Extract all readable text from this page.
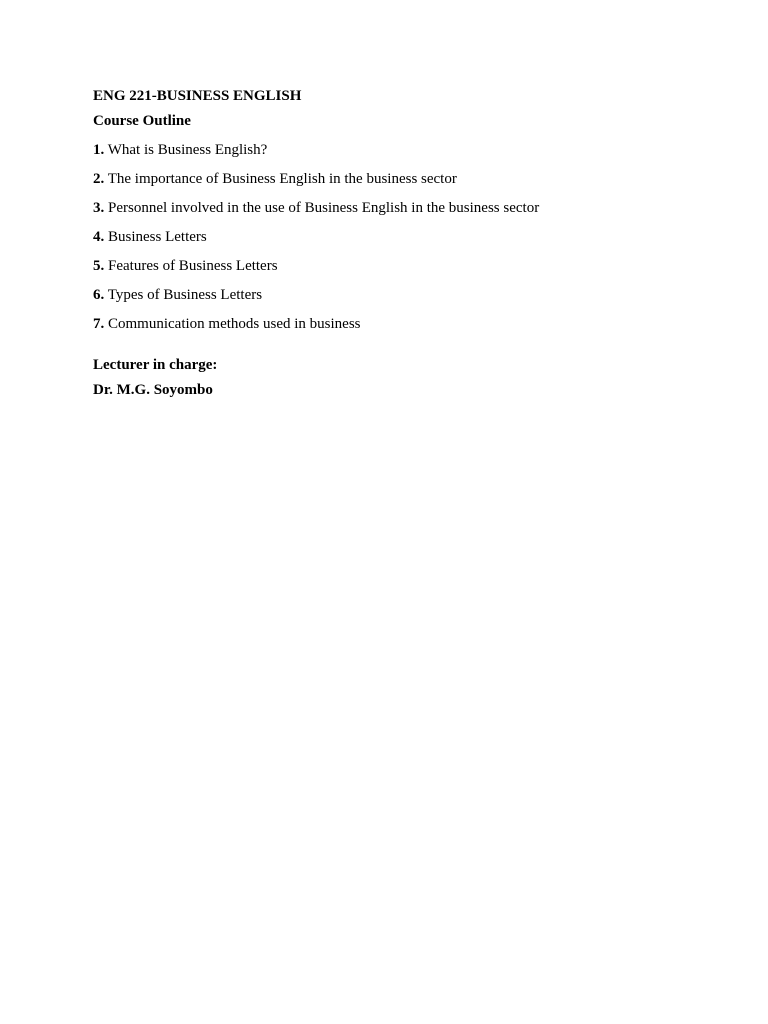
ENG 221-BUSINESS ENGLISH

Course Outline

1. What is Business English?
2. The importance of Business English in the business sector
3. Personnel involved in the use of Business English in the business sector
4. Business Letters
5. Features of Business Letters
6. Types of Business Letters
7. Communication methods used in business

Lecturer in charge:

Dr. M.G. Soyombo
